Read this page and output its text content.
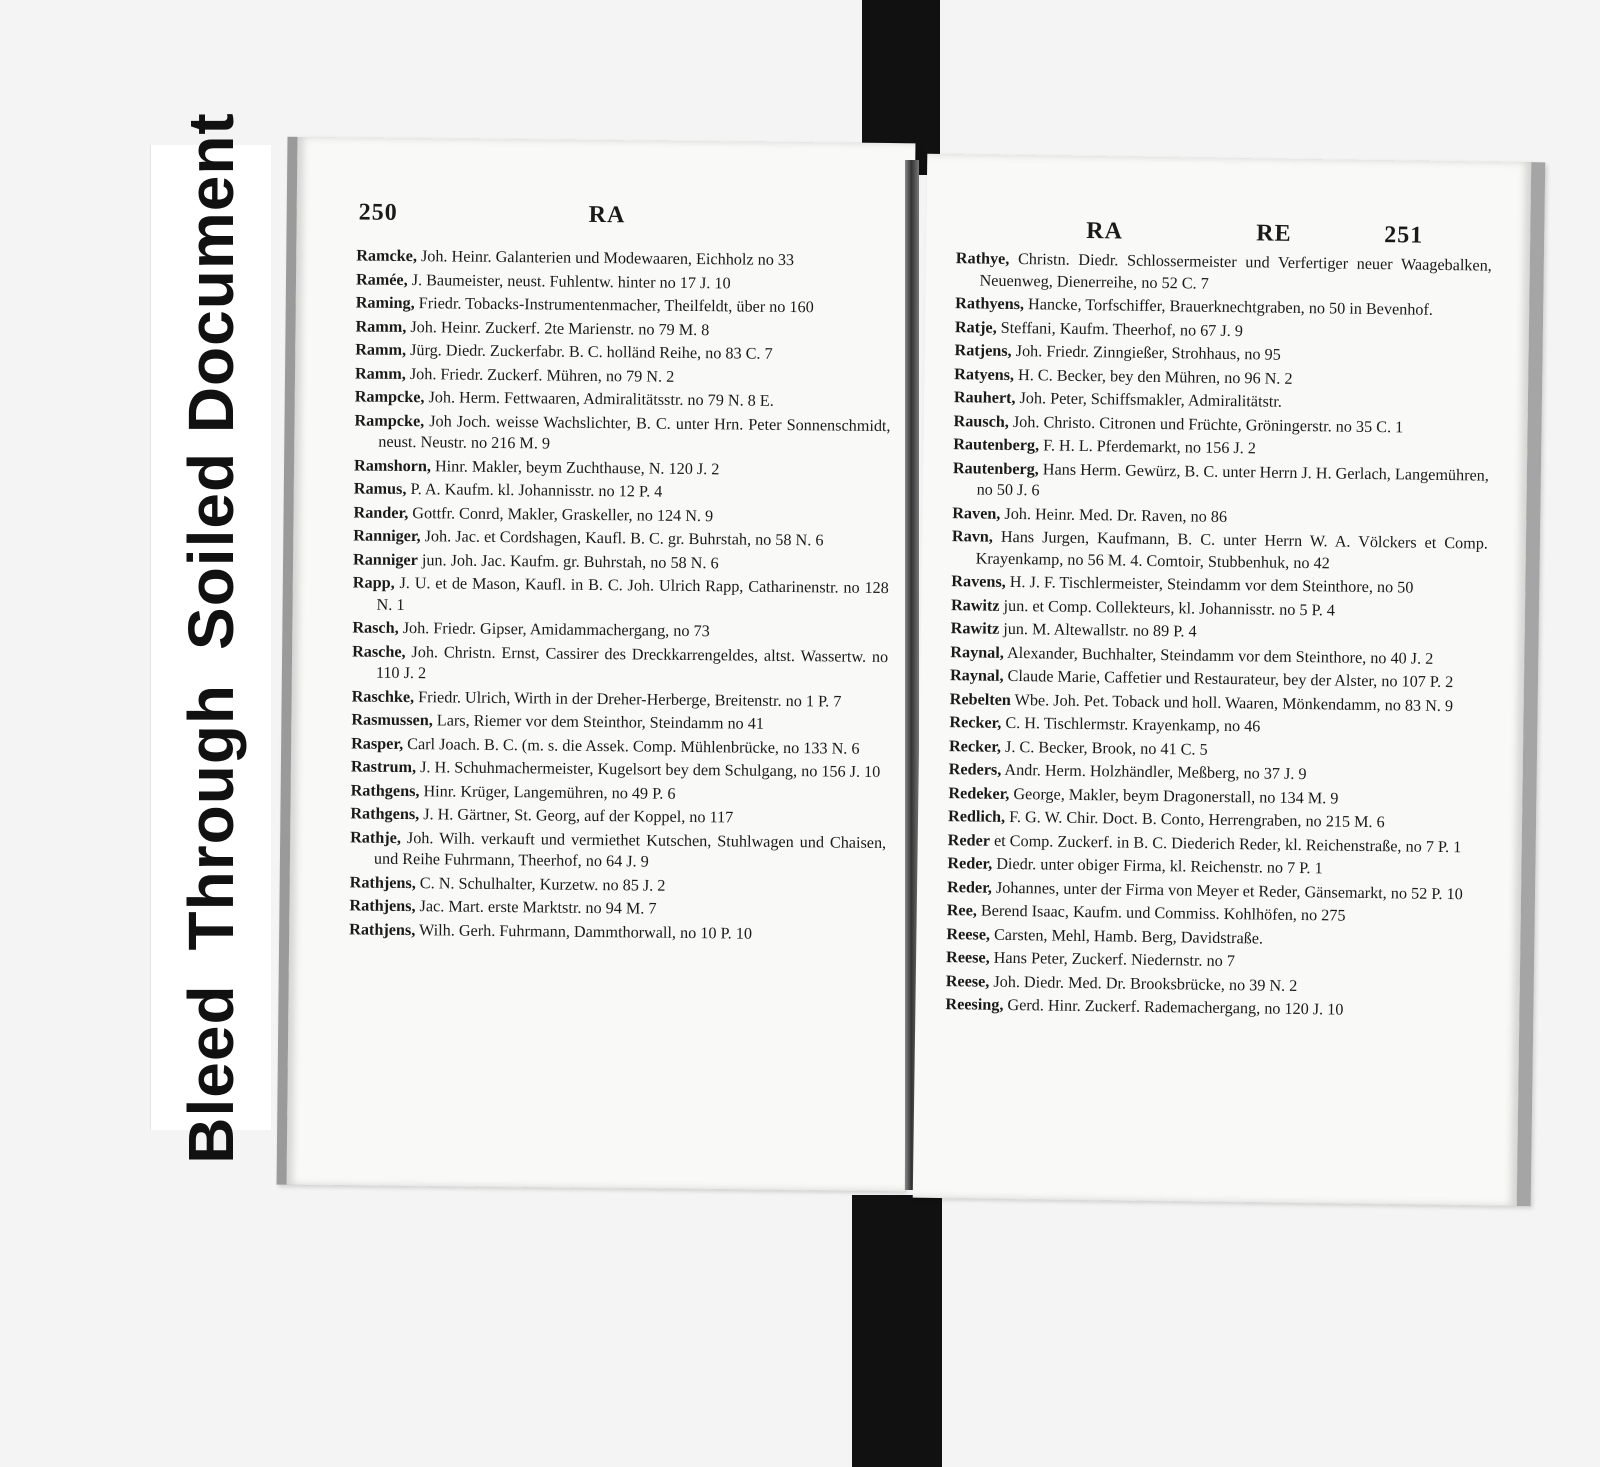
BleedThroughSoiled Document	250	RA
Ramcke, Joh. Heinr. Galanterien und Modewaaren, Eichholz no 33
Ramée, J. Baumeister, neust. Fuhlentw. hinter no 17 J. 10
Raming, Friedr. Tobacks-Instrumentenmacher, Theilfeldt, über no 160
Ramm, Joh. Heinr. Zuckerf. 2te Marienstr. no 79 M. 8
Ramm, Jürg. Diedr. Zuckerfabr. B. C. holländ Reihe, no 83 C. 7
Ramm, Joh. Friedr. Zuckerf. Mühren, no 79 N. 2
Rampcke, Joh. Herm. Fettwaaren, Admiralitätsstr. no 79 N. 8 E.
Rampcke, Joh Joch. weisse Wachslichter, B. C. unter Hrn. Peter Sonnenschmidt, neust. Neustr. no 216 M. 9
Ramshorn, Hinr. Makler, beym Zuchthause, N. 120 J. 2
Ramus, P. A. Kaufm. kl. Johannisstr. no 12 P. 4
Rander, Gottfr. Conrd, Makler, Graskeller, no 124 N. 9
Ranniger, Joh. Jac. et Cordshagen, Kaufl. B. C. gr. Buhrstah, no 58 N. 6
Ranniger jun. Joh. Jac. Kaufm. gr. Buhrstah, no 58 N. 6
Rapp, J. U. et de Mason, Kaufl. in B. C. Joh. Ulrich Rapp, Catharinenstr. no 128 N. 1
Rasch, Joh. Friedr. Gipser, Amidammachergang, no 73
Rasche, Joh. Christn. Ernst, Cassirer des Dreckkarrengeldes, altst. Wassertw. no 110 J. 2
Raschke, Friedr. Ulrich, Wirth in der Dreher-Herberge, Breitenstr. no 1 P. 7
Rasmussen, Lars, Riemer vor dem Steinthor, Steindamm no 41
Rasper, Carl Joach. B. C. (m. s. die Assek. Comp. Mühlenbrücke, no 133 N. 6
Rastrum, J. H. Schuhmachermeister, Kugelsort bey dem Schulgang, no 156 J. 10
Rathgens, Hinr. Krüger, Langemühren, no 49 P. 6
Rathgens, J. H. Gärtner, St. Georg, auf der Koppel, no 117
Rathje, Joh. Wilh. verkauft und vermiethet Kutschen, Stuhlwagen und Chaisen, und Reihe Fuhrmann, Theerhof, no 64 J. 9
Rathjens, C. N. Schulhalter, Kurzetw. no 85 J. 2
Rathjens, Jac. Mart. erste Marktstr. no 94 M. 7
Rathjens, Wilh. Gerh. Fuhrmann, Dammthorwall, no 10 P. 10
RA	RE	251
Rathye, Christn. Diedr. Schlossermeister und Verfertiger neuer Waagebalken, Neuenweg, Dienerreihe, no 52 C. 7
Rathyens, Hancke, Torfschiffer, Brauerknechtgraben, no 50 in Bevenhof.
Ratje, Steffani, Kaufm. Theerhof, no 67 J. 9
Ratjens, Joh. Friedr. Zinngießer, Strohhaus, no 95
Ratyens, H. C. Becker, bey den Mühren, no 96 N. 2
Rauhert, Joh. Peter, Schiffsmakler, Admiralitätstr.
Rausch, Joh. Christo. Citronen und Früchte, Gröningerstr. no 35 C. 1
Rautenberg, F. H. L. Pferdemarkt, no 156 J. 2
Rautenberg, Hans Herm. Gewürz, B. C. unter Herrn J. H. Gerlach, Langemühren, no 50 J. 6
Raven, Joh. Heinr. Med. Dr. Raven, no 86
Ravn, Hans Jurgen, Kaufmann, B. C. unter Herrn W. A. Völckers et Comp. Krayenkamp, no 56 M. 4. Comtoir, Stubbenhuk, no 42
Ravens, H. J. F. Tischlermeister, Steindamm vor dem Steinthore, no 50
Rawitz jun. et Comp. Collekteurs, kl. Johannisstr. no 5 P. 4
Rawitz jun. M. Altewallstr. no 89 P. 4
Raynal, Alexander, Buchhalter, Steindamm vor dem Steinthore, no 40 J. 2
Raynal, Claude Marie, Caffetier und Restaurateur, bey der Alster, no 107 P. 2
Rebelten Wbe. Joh. Pet. Toback und holl. Waaren, Mönkendamm, no 83 N. 9
Recker, C. H. Tischlermstr. Krayenkamp, no 46
Recker, J. C. Becker, Brook, no 41 C. 5
Reders, Andr. Herm. Holzhändler, Meßberg, no 37 J. 9
Redeker, George, Makler, beym Dragonerstall, no 134 M. 9
Redlich, F. G. W. Chir. Doct. B. Conto, Herrengraben, no 215 M. 6
Reder et Comp. Zuckerf. in B. C. Diederich Reder, kl. Reichenstraße, no 7 P. 1
Reder, Diedr. unter obiger Firma, kl. Reichenstr. no 7 P. 1
Reder, Johannes, unter der Firma von Meyer et Reder, Gänsemarkt, no 52 P. 10
Ree, Berend Isaac, Kaufm. und Commiss. Kohlhöfen, no 275
Reese, Carsten, Mehl, Hamb. Berg, Davidstraße.
Reese, Hans Peter, Zuckerf. Niedernstr. no 7
Reese, Joh. Diedr. Med. Dr. Brooksbrücke, no 39 N. 2
Reesing, Gerd. Hinr. Zuckerf. Rademachergang, no 120 J. 10
